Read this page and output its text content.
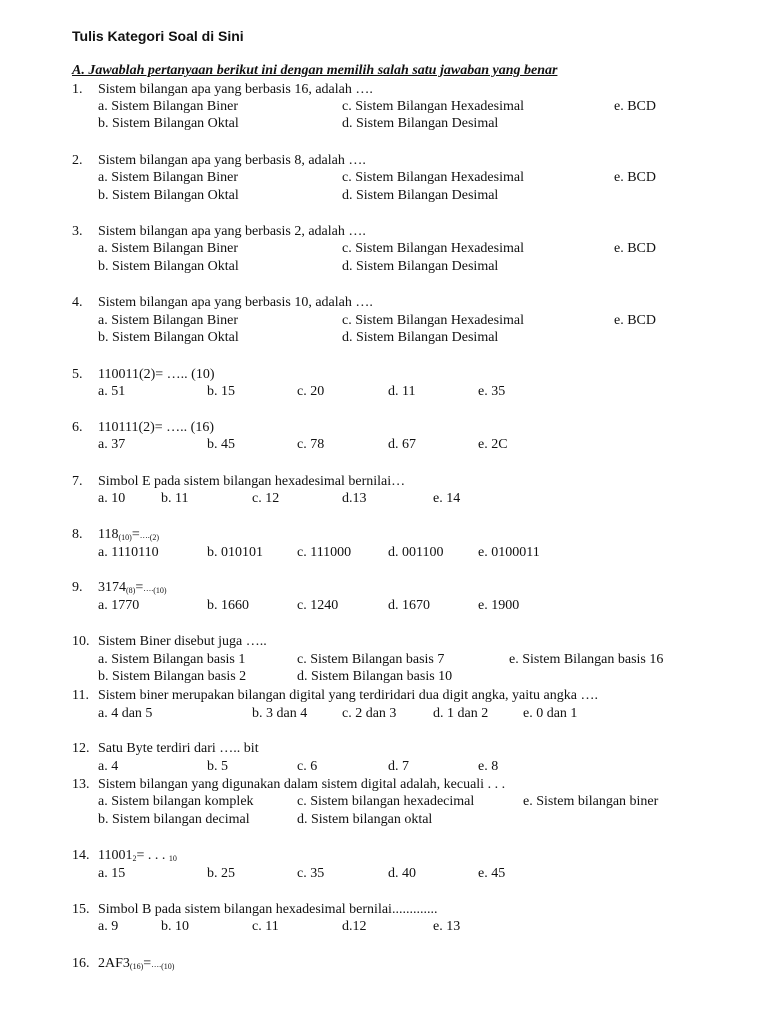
Tulis Kategori Soal di Sini
A. Jawablah pertanyaan berikut ini dengan memilih salah satu jawaban yang benar
1. Sistem bilangan apa yang berbasis 16, adalah ….
a. Sistem Bilangan Biner
b. Sistem Bilangan Oktal
c. Sistem Bilangan Hexadesimal
d. Sistem Bilangan Desimal
e. BCD
2. Sistem bilangan apa yang berbasis 8, adalah ….
a. Sistem Bilangan Biner
b. Sistem Bilangan Oktal
c. Sistem Bilangan Hexadesimal
d. Sistem Bilangan Desimal
e. BCD
3. Sistem bilangan apa yang berbasis 2, adalah ….
a. Sistem Bilangan Biner
b. Sistem Bilangan Oktal
c. Sistem Bilangan Hexadesimal
d. Sistem Bilangan Desimal
e. BCD
4. Sistem bilangan apa yang berbasis 10, adalah ….
a. Sistem Bilangan Biner
b. Sistem Bilangan Oktal
c. Sistem Bilangan Hexadesimal
d. Sistem Bilangan Desimal
e. BCD
5. 110011(2)= ….. (10)
a. 51	b. 15	c. 20	d. 11	e. 35
6. 110111(2)= ….. (16)
a. 37	b. 45	c. 78	d. 67	e. 2C
7. Simbol E pada sistem bilangan hexadesimal bernilai…
a. 10	b. 11	c. 12	d.13	e. 14
8. $118_{(10)}=\dots._{(2)}$
a. 1110110	b. 010101 c. 111000	d. 001100 e. 0100011
9. $3174_{(8)}=\dots._{(10)}$
a. 1770	b. 1660	c. 1240	d. 1670	e. 1900
10. Sistem Biner disebut juga …..
a. Sistem Bilangan basis 1
b. Sistem Bilangan basis 2
c. Sistem Bilangan basis 7
d. Sistem Bilangan basis 10
e. Sistem Bilangan basis 16
11. Sistem biner merupakan bilangan digital yang terdiridari dua digit angka, yaitu angka ….
a. 4 dan 5	b. 3 dan 4 c. 2 dan 3	d. 1 dan 2 e. 0 dan 1
12. Satu Byte terdiri dari ….. bit
a. 4	b. 5	c. 6	d. 7	e. 8
13. Sistem bilangan yang digunakan dalam sistem digital adalah, kecuali . . .
a. Sistem bilangan komplek
b. Sistem bilangan decimal
c. Sistem bilangan hexadecimal
d. Sistem bilangan oktal
e. Sistem bilangan biner
14. $11001_2=$ . . . $_{10}$
a. 15	b. 25	c. 35	d. 40	e. 45
15. Simbol B pada sistem bilangan hexadesimal bernilai.............
a. 9	b. 10	c. 11	d.12	e. 13
16. $2AF3_{(16)}=\dots._{(10)}$
